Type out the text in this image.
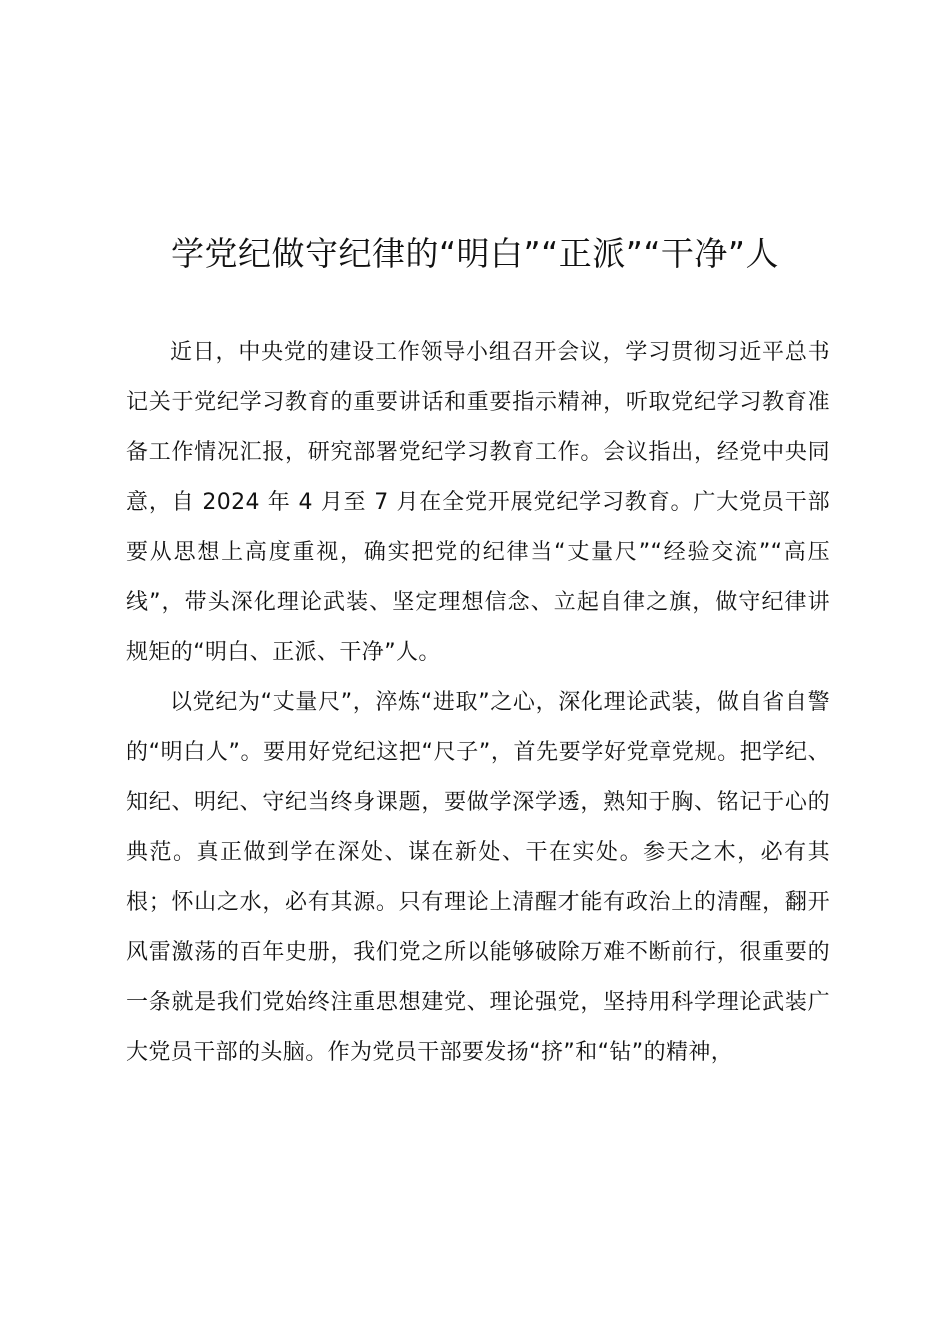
学党纪做守纪律的“明白”“正派”“干净”人

近日，中央党的建设工作领导小组召开会议，学习贯彻习近平总书记关于党纪学习教育的重要讲话和重要指示精神，听取党纪学习教育准备工作情况汇报，研究部署党纪学习教育工作。会议指出，经党中央同意，自 2024 年 4 月至 7 月在全党开展党纪学习教育。广大党员干部要从思想上高度重视，确实把党的纪律当“丈量尺”“经验交流”“高压线”，带头深化理论武装、坚定理想信念、立起自律之旗，做守纪律讲规矩的“明白、正派、干净”人。

以党纪为“丈量尺”，淬炼“进取”之心，深化理论武装，做自省自警的“明白人”。要用好党纪这把“尺子”，首先要学好党章党规。把学纪、知纪、明纪、守纪当终身课题，要做学深学透，熟知于胸、铭记于心的典范。真正做到学在深处、谋在新处、干在实处。参天之木，必有其根；怀山之水，必有其源。只有理论上清醒才能有政治上的清醒，翻开风雷激荡的百年史册，我们党之所以能够破除万难不断前行，很重要的一条就是我们党始终注重思想建党、理论强党，坚持用科学理论武装广大党员干部的头脑。作为党员干部要发扬“挤”和“钻”的精神，
